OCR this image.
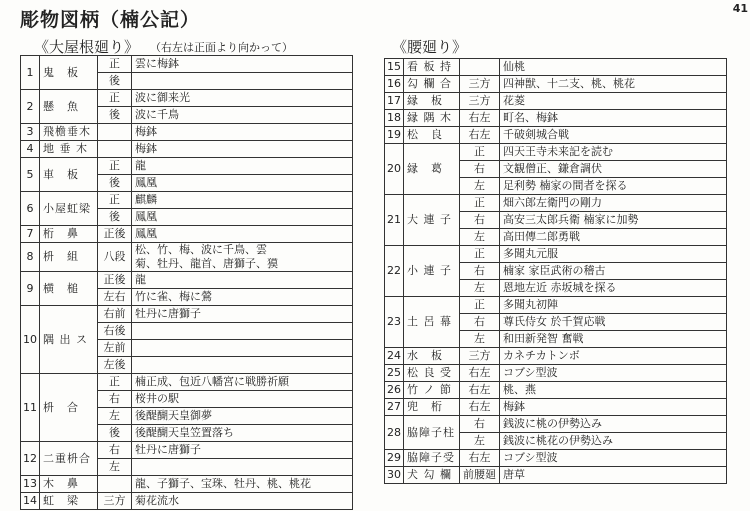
彫物図柄（楠公記）
41
《大屋根廻り》 （右左は正面より向かって）	《腰廻り》
1	鬼　板	正	雲に梅鉢

		後	

2	懸　魚	正	波に御来光

		後	波に千鳥

3	飛檐垂木		梅鉢

4	地 垂 木		梅鉢

5	車　板	正	龍

		後	鳳凰

6	小屋虹梁	正	麒麟

		後	鳳凰

7	桁　鼻	正後	鳳凰

8	枡　組	八段	松、竹、梅、波に千鳥、雲
菊、牡丹、龍首、唐獅子、獏

9	横　槌	正後	龍

		左右	竹に雀、梅に鶯

10	隅 出 ス	右前	牡丹に唐獅子

		右後	

		左前	

		左後	

11	枡　合	正	楠正成、包近八幡宮に戦勝祈願

		右	桜井の駅

		左	後醍醐天皇御夢

		後	後醍醐天皇笠置落ち

12	二重枡合	右	牡丹に唐獅子

		左	

13	木　鼻		龍、子獅子、宝珠、牡丹、桃、桃花

14	虹　梁	三方	菊花流水
15	看 板 持		仙桃

16	勾 欄 合	三方	四神獣、十二支、桃、桃花

17	縁　板	三方	花菱

18	縁 隅 木	右左	町名、梅鉢

19	松　良	右左	千破剣城合戦

20	縁　葛	正	四天王寺未来記を読む

		右	文観僧正、鎌倉調伏

		左	足利勢 楠家の間者を探る

21	大 連 子	正	畑六郎左衛門の剛力

		右	高安三太郎兵衛 楠家に加勢

		左	高田傳二郎勇戦

22	小 連 子	正	多聞丸元服

		右	楠家 家臣武術の稽古

		左	恩地左近 赤坂城を探る

23	土 呂 幕	正	多聞丸初陣

		右	尊氏侍女 於千賀応戦

		左	和田新発智 奮戦

24	水　板	三方	カネチカトンボ

25	松 良 受	右左	コブシ型波

26	竹 ノ 節	右左	桃、燕

27	兜　桁	右左	梅鉢

28	脇障子柱	右	銭波に桃の伊勢込み

		左	銭波に桃花の伊勢込み

29	脇障子受	右左	コブシ型波

30	犬 勾 欄	前腰廻	唐草
